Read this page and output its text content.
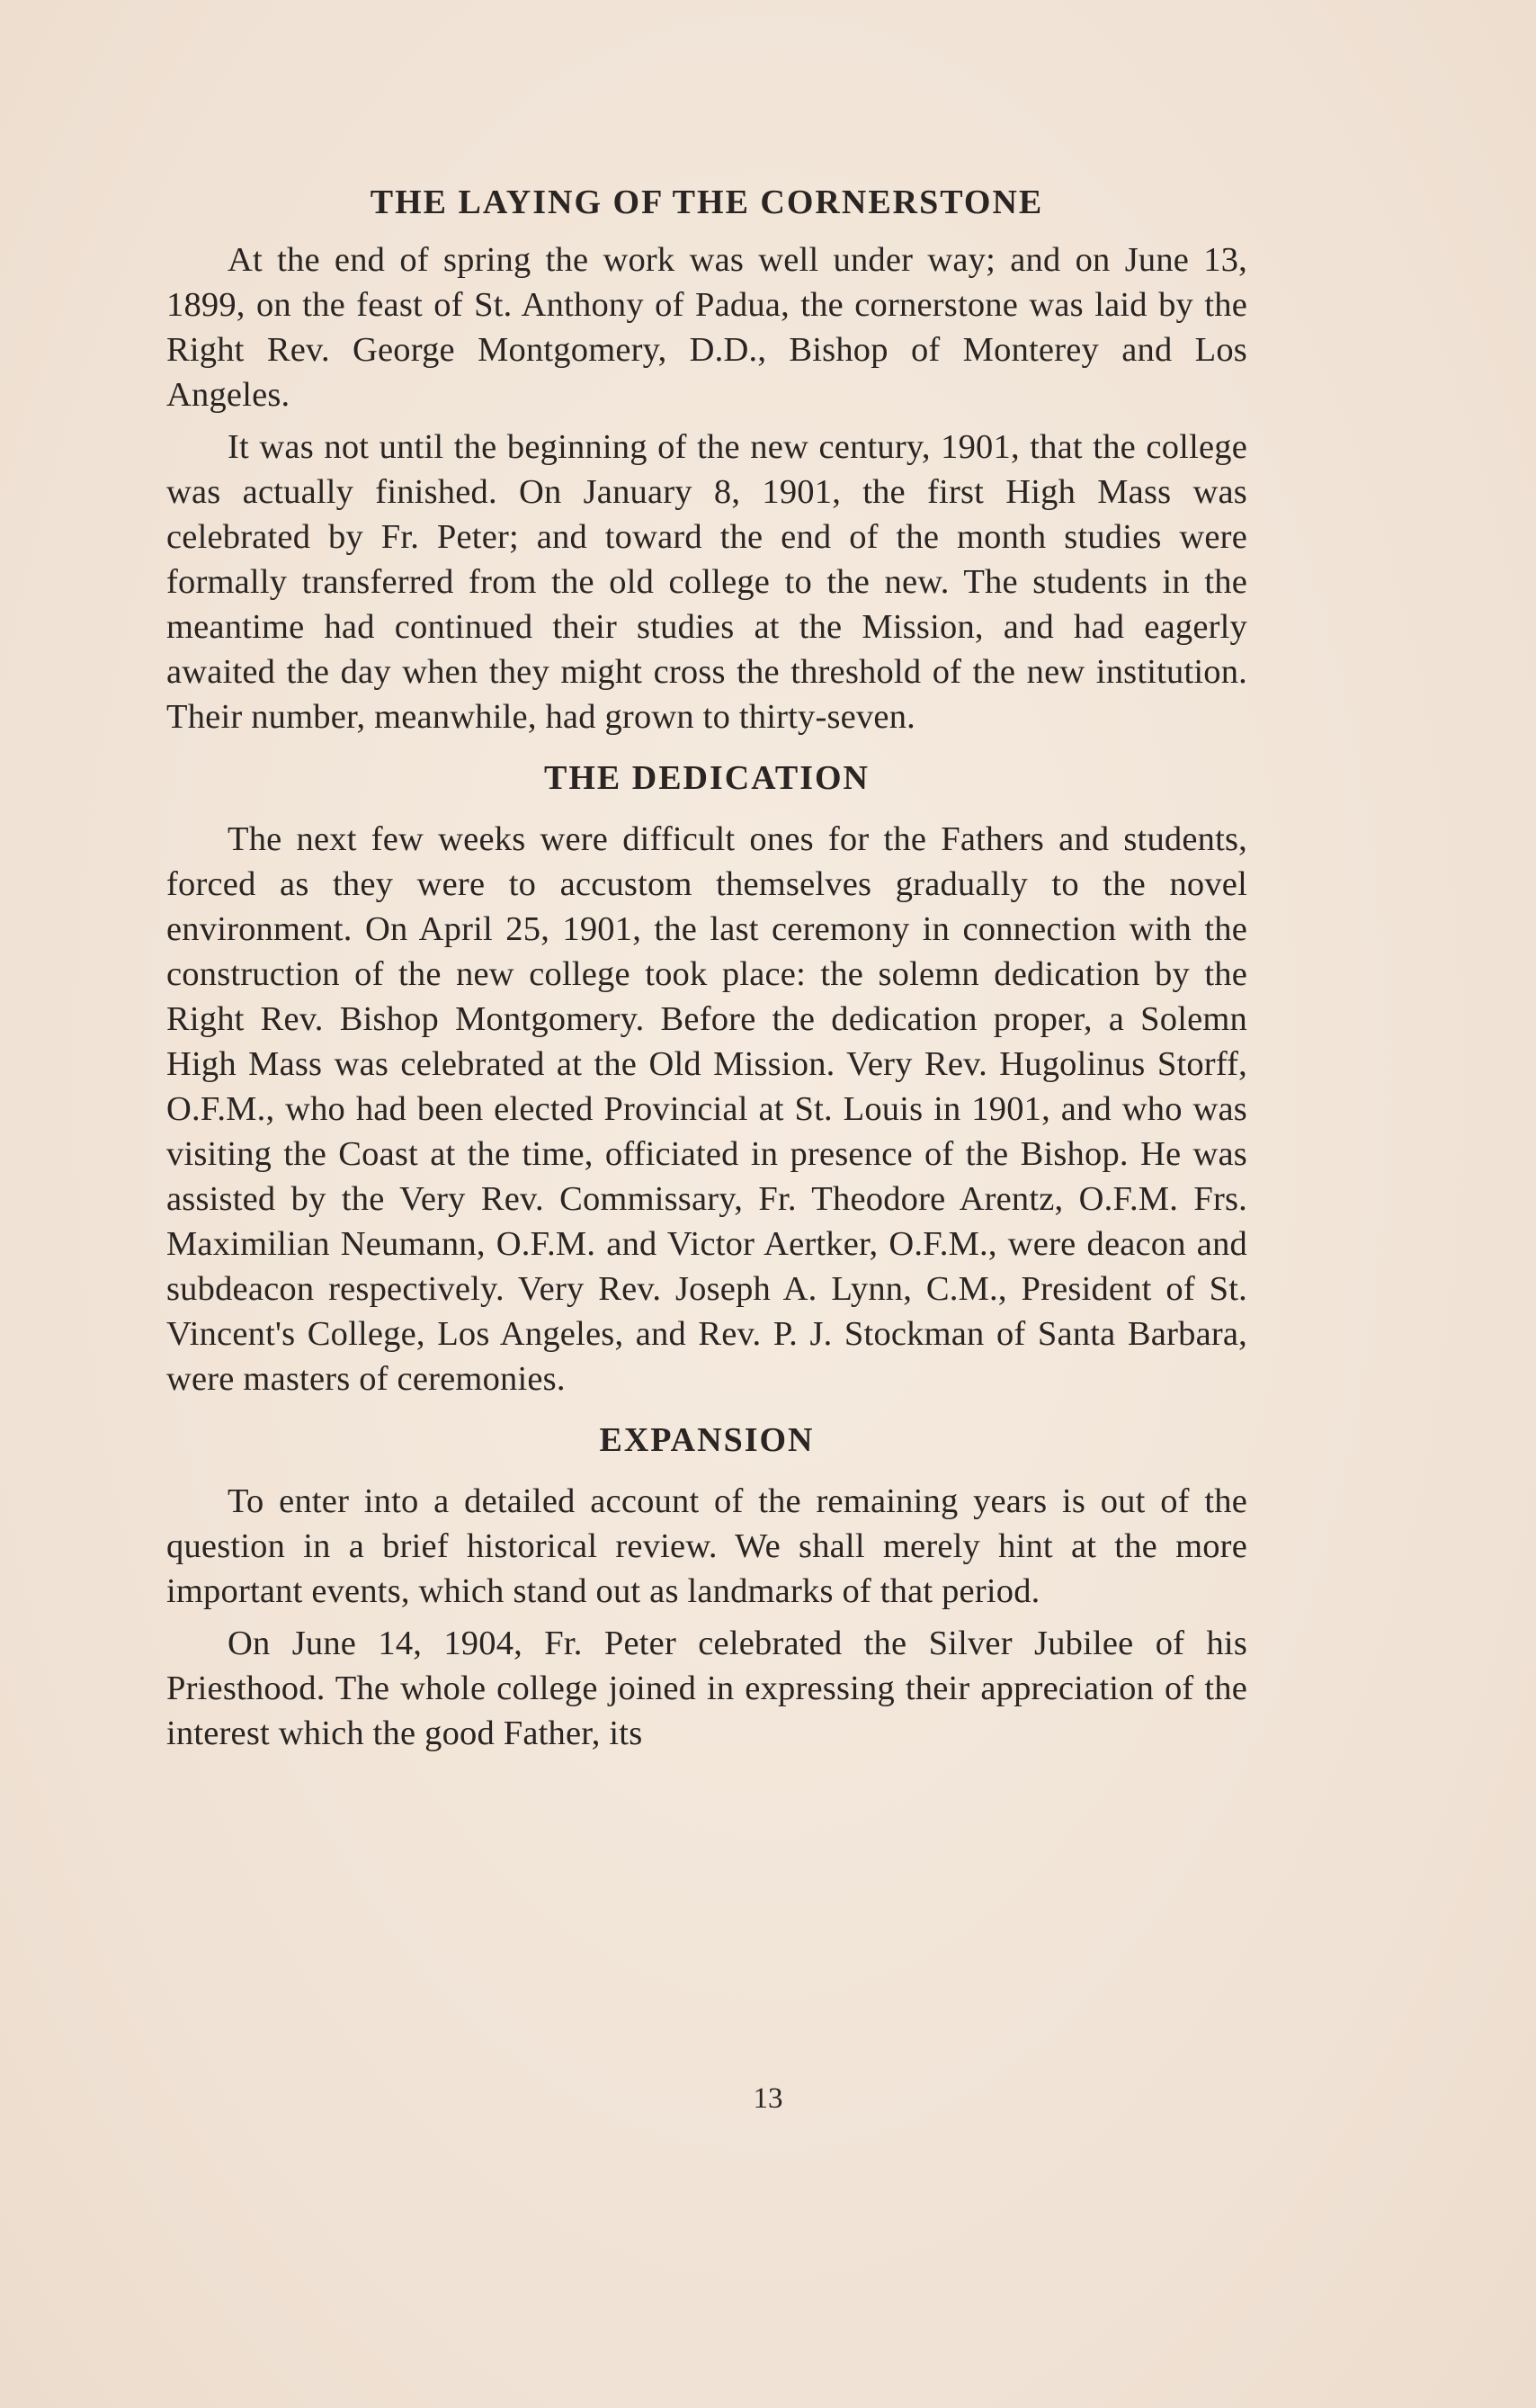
THE LAYING OF THE CORNERSTONE

At the end of spring the work was well under way; and on June 13, 1899, on the feast of St. Anthony of Padua, the cornerstone was laid by the Right Rev. George Montgomery, D.D., Bishop of Monterey and Los Angeles.

It was not until the beginning of the new century, 1901, that the college was actually finished. On January 8, 1901, the first High Mass was celebrated by Fr. Peter; and toward the end of the month studies were formally transferred from the old college to the new. The students in the meantime had continued their studies at the Mission, and had eagerly awaited the day when they might cross the threshold of the new institution. Their number, meanwhile, had grown to thirty-seven.

THE DEDICATION

The next few weeks were difficult ones for the Fathers and students, forced as they were to accustom themselves gradually to the novel environment. On April 25, 1901, the last ceremony in connection with the construction of the new college took place: the solemn dedication by the Right Rev. Bishop Montgomery. Before the dedication proper, a Solemn High Mass was celebrated at the Old Mission. Very Rev. Hugolinus Storff, O.F.M., who had been elected Provincial at St. Louis in 1901, and who was visiting the Coast at the time, officiated in presence of the Bishop. He was assisted by the Very Rev. Commissary, Fr. Theodore Arentz, O.F.M. Frs. Maximilian Neumann, O.F.M. and Victor Aertker, O.F.M., were deacon and subdeacon respectively. Very Rev. Joseph A. Lynn, C.M., President of St. Vincent's College, Los Angeles, and Rev. P. J. Stockman of Santa Barbara, were masters of ceremonies.

EXPANSION

To enter into a detailed account of the remaining years is out of the question in a brief historical review. We shall merely hint at the more important events, which stand out as landmarks of that period.

On June 14, 1904, Fr. Peter celebrated the Silver Jubilee of his Priesthood. The whole college joined in expressing their appreciation of the interest which the good Father, its

13
